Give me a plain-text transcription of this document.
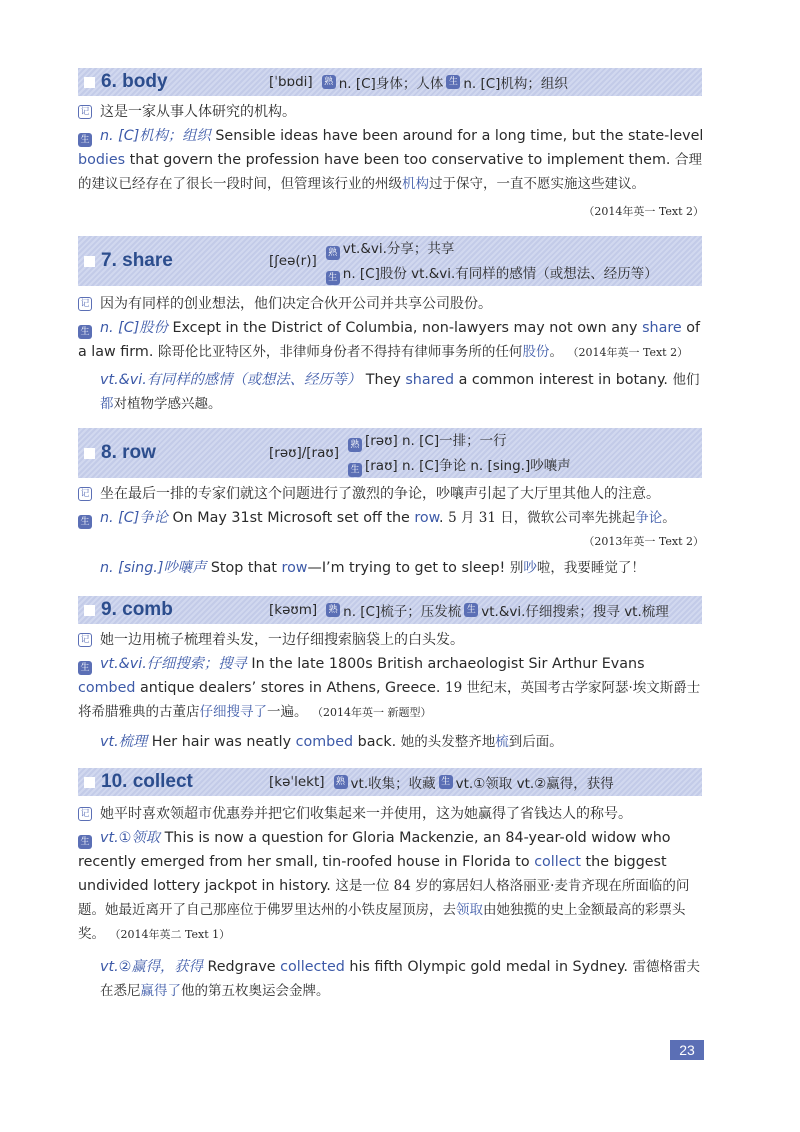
6. body	[ˈbɒdi] 熟 n. [C]身体；人体 生 n. [C]机构；组织
记 这是一家从事人体研究的机构。
生 n. [C]机构；组织 Sensible ideas have been around for a long time, but the state-level bodies that govern the profession have been too conservative to implement them. 合理的建议已经存在了很长一段时间，但管理该行业的州级机构过于保守，一直不愿实施这些建议。
（2014年英一 Text 2）
7. share	[ʃeə(r)]	熟 vt.&vi.分享；共享
生 n. [C]股份 vt.&vi.有同样的感情（或想法、经历等）
记 因为有同样的创业想法，他们决定合伙开公司并共享公司股份。
生 n. [C]股份 Except in the District of Columbia, non-lawyers may not own any share of a law firm. 除哥伦比亚特区外，非律师身份者不得持有律师事务所的任何股份。 （2014年英一 Text 2）
vt.&vi.有同样的感情（或想法、经历等） They shared a common interest in botany. 他们都对植物学感兴趣。
8. row	[rəʊ]/[raʊ]	熟 [rəʊ] n. [C]一排；一行
生 [raʊ] n. [C]争论 n. [sing.]吵嚷声
记 坐在最后一排的专家们就这个问题进行了激烈的争论，吵嚷声引起了大厅里其他人的注意。
生 n. [C]争论 On May 31st Microsoft set off the row. 5 月 31 日，微软公司率先挑起争论。
（2013年英一 Text 2）
n. [sing.]吵嚷声 Stop that row—I’m trying to get to sleep! 别吵啦，我要睡觉了！
9. comb	[kəʊm] 熟 n. [C]梳子；压发梳 生 vt.&vi.仔细搜索；搜寻 vt.梳理
记 她一边用梳子梳理着头发，一边仔细搜索脑袋上的白头发。
生 vt.&vi.仔细搜索；搜寻 In the late 1800s British archaeologist Sir Arthur Evans combed antique dealers’ stores in Athens, Greece. 19 世纪末，英国考古学家阿瑟·埃文斯爵士将希腊雅典的古董店仔细搜寻了一遍。 （2014年英一 新题型）
vt.梳理 Her hair was neatly combed back. 她的头发整齐地梳到后面。
10. collect	[kəˈlekt] 熟 vt.收集；收藏 生 vt.①领取 vt.②赢得，获得
记 她平时喜欢领超市优惠券并把它们收集起来一并使用，这为她赢得了省钱达人的称号。
生 vt.①领取 This is now a question for Gloria Mackenzie, an 84-year-old widow who recently emerged from her small, tin-roofed house in Florida to collect the biggest undivided lottery jackpot in history. 这是一位 84 岁的寡居妇人格洛丽亚·麦肯齐现在所面临的问题。她最近离开了自己那座位于佛罗里达州的小铁皮屋顶房，去领取由她独揽的史上金额最高的彩票头奖。 （2014年英二 Text 1）
vt.②赢得，获得 Redgrave collected his fifth Olympic gold medal in Sydney. 雷德格雷夫在悉尼赢得了他的第五枚奥运会金牌。
23
